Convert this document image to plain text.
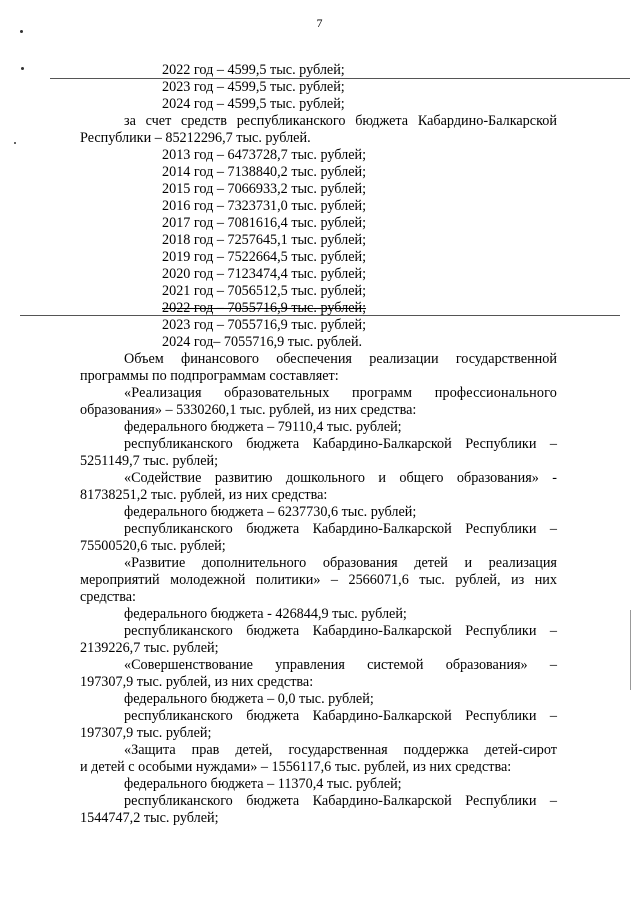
7
2022 год – 4599,5 тыс. рублей;
2023 год – 4599,5 тыс. рублей;
2024 год – 4599,5 тыс. рублей;
за счет средств республиканского бюджета Кабардино-Балкарской
Республики – 85212296,7 тыс. рублей.
2013 год – 6473728,7 тыс. рублей;
2014 год – 7138840,2 тыс. рублей;
2015 год – 7066933,2 тыс. рублей;
2016 год – 7323731,0 тыс. рублей;
2017 год – 7081616,4 тыс. рублей;
2018 год – 7257645,1 тыс. рублей;
2019 год – 7522664,5 тыс. рублей;
2020 год – 7123474,4 тыс. рублей;
2021 год – 7056512,5 тыс. рублей;
2022 год – 7055716,9 тыс. рублей;
2023 год – 7055716,9 тыс. рублей;
2024 год– 7055716,9 тыс. рублей.
Объем финансового обеспечения реализации государственной
программы по подпрограммам составляет:
«Реализация образовательных программ профессионального
образования» – 5330260,1 тыс. рублей, из них средства:
федерального бюджета – 79110,4 тыс. рублей;
республиканского бюджета Кабардино-Балкарской Республики –
5251149,7 тыс. рублей;
«Содействие развитию дошкольного и общего образования» -
81738251,2 тыс. рублей, из них средства:
федерального бюджета – 6237730,6 тыс. рублей;
республиканского бюджета Кабардино-Балкарской Республики –
75500520,6 тыс. рублей;
«Развитие дополнительного образования детей и реализация
мероприятий молодежной политики» – 2566071,6 тыс. рублей, из них
средства:
федерального бюджета - 426844,9 тыс. рублей;
республиканского бюджета Кабардино-Балкарской Республики –
2139226,7 тыс. рублей;
«Совершенствование управления системой образования» –
197307,9 тыс. рублей, из них средства:
федерального бюджета – 0,0 тыс. рублей;
республиканского бюджета Кабардино-Балкарской Республики –
197307,9 тыс. рублей;
«Защита прав детей, государственная поддержка детей-сирот
и детей с особыми нуждами» – 1556117,6 тыс. рублей, из них средства:
федерального бюджета – 11370,4 тыс. рублей;
республиканского бюджета Кабардино-Балкарской Республики –
1544747,2 тыс. рублей;
